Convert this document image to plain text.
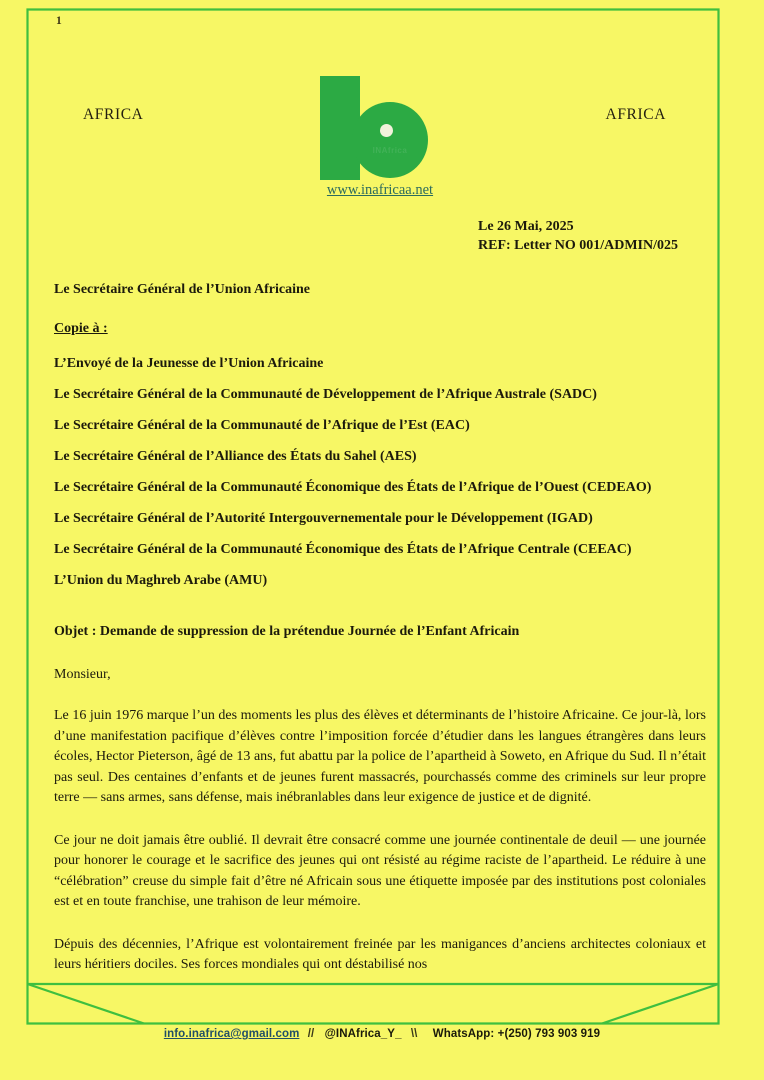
1
AFRICA
INAfrica
www.inafricaa.net
AFRICA
Le 26 Mai, 2025
REF: Letter NO 001/ADMIN/025
Le Secrétaire Général de l’Union Africaine
Copie à :
L’Envoyé de la Jeunesse de l’Union Africaine
Le Secrétaire Général de la Communauté de Développement de l’Afrique Australe (SADC)
Le Secrétaire Général de la Communauté de l’Afrique de l’Est (EAC)
Le Secrétaire Général de l’Alliance des États du Sahel (AES)
Le Secrétaire Général de la Communauté Économique des États de l’Afrique de l’Ouest (CEDEAO)
Le Secrétaire Général de l’Autorité Intergouvernementale pour le Développement (IGAD)
Le Secrétaire Général de la Communauté Économique des États de l’Afrique Centrale (CEEAC)
L’Union du Maghreb Arabe (AMU)
Objet : Demande de suppression de la prétendue Journée de l’Enfant Africain
Monsieur,
Le 16 juin 1976 marque l’un des moments les plus des élèves et déterminants de l’histoire Africaine. Ce jour-là, lors d’une manifestation pacifique d’élèves contre l’imposition forcée d’étudier dans les langues étrangères dans leurs écoles, Hector Pieterson, âgé de 13 ans, fut abattu par la police de l’apartheid à Soweto, en Afrique du Sud. Il n’était pas seul. Des centaines d’enfants et de jeunes furent massacrés, pourchassés comme des criminels sur leur propre terre — sans armes, sans défense, mais inébranlables dans leur exigence de justice et de dignité.
Ce jour ne doit jamais être oublié. Il devrait être consacré comme une journée continentale de deuil — une journée pour honorer le courage et le sacrifice des jeunes qui ont résisté au régime raciste de l’apartheid. Le réduire à une “célébration” creuse du simple fait d’être né Africain sous une étiquette imposée par des institutions post coloniales est et en toute franchise, une trahison de leur mémoire.
Dépuis des décennies, l’Afrique est volontairement freinée par les manigances d’anciens architectes coloniaux et leurs héritiers dociles. Ses forces mondiales qui ont déstabilisé nos
info.inafrica@gmail.com // @INAfrica_Y_ \\ WhatsApp: +(250) 793 903 919
